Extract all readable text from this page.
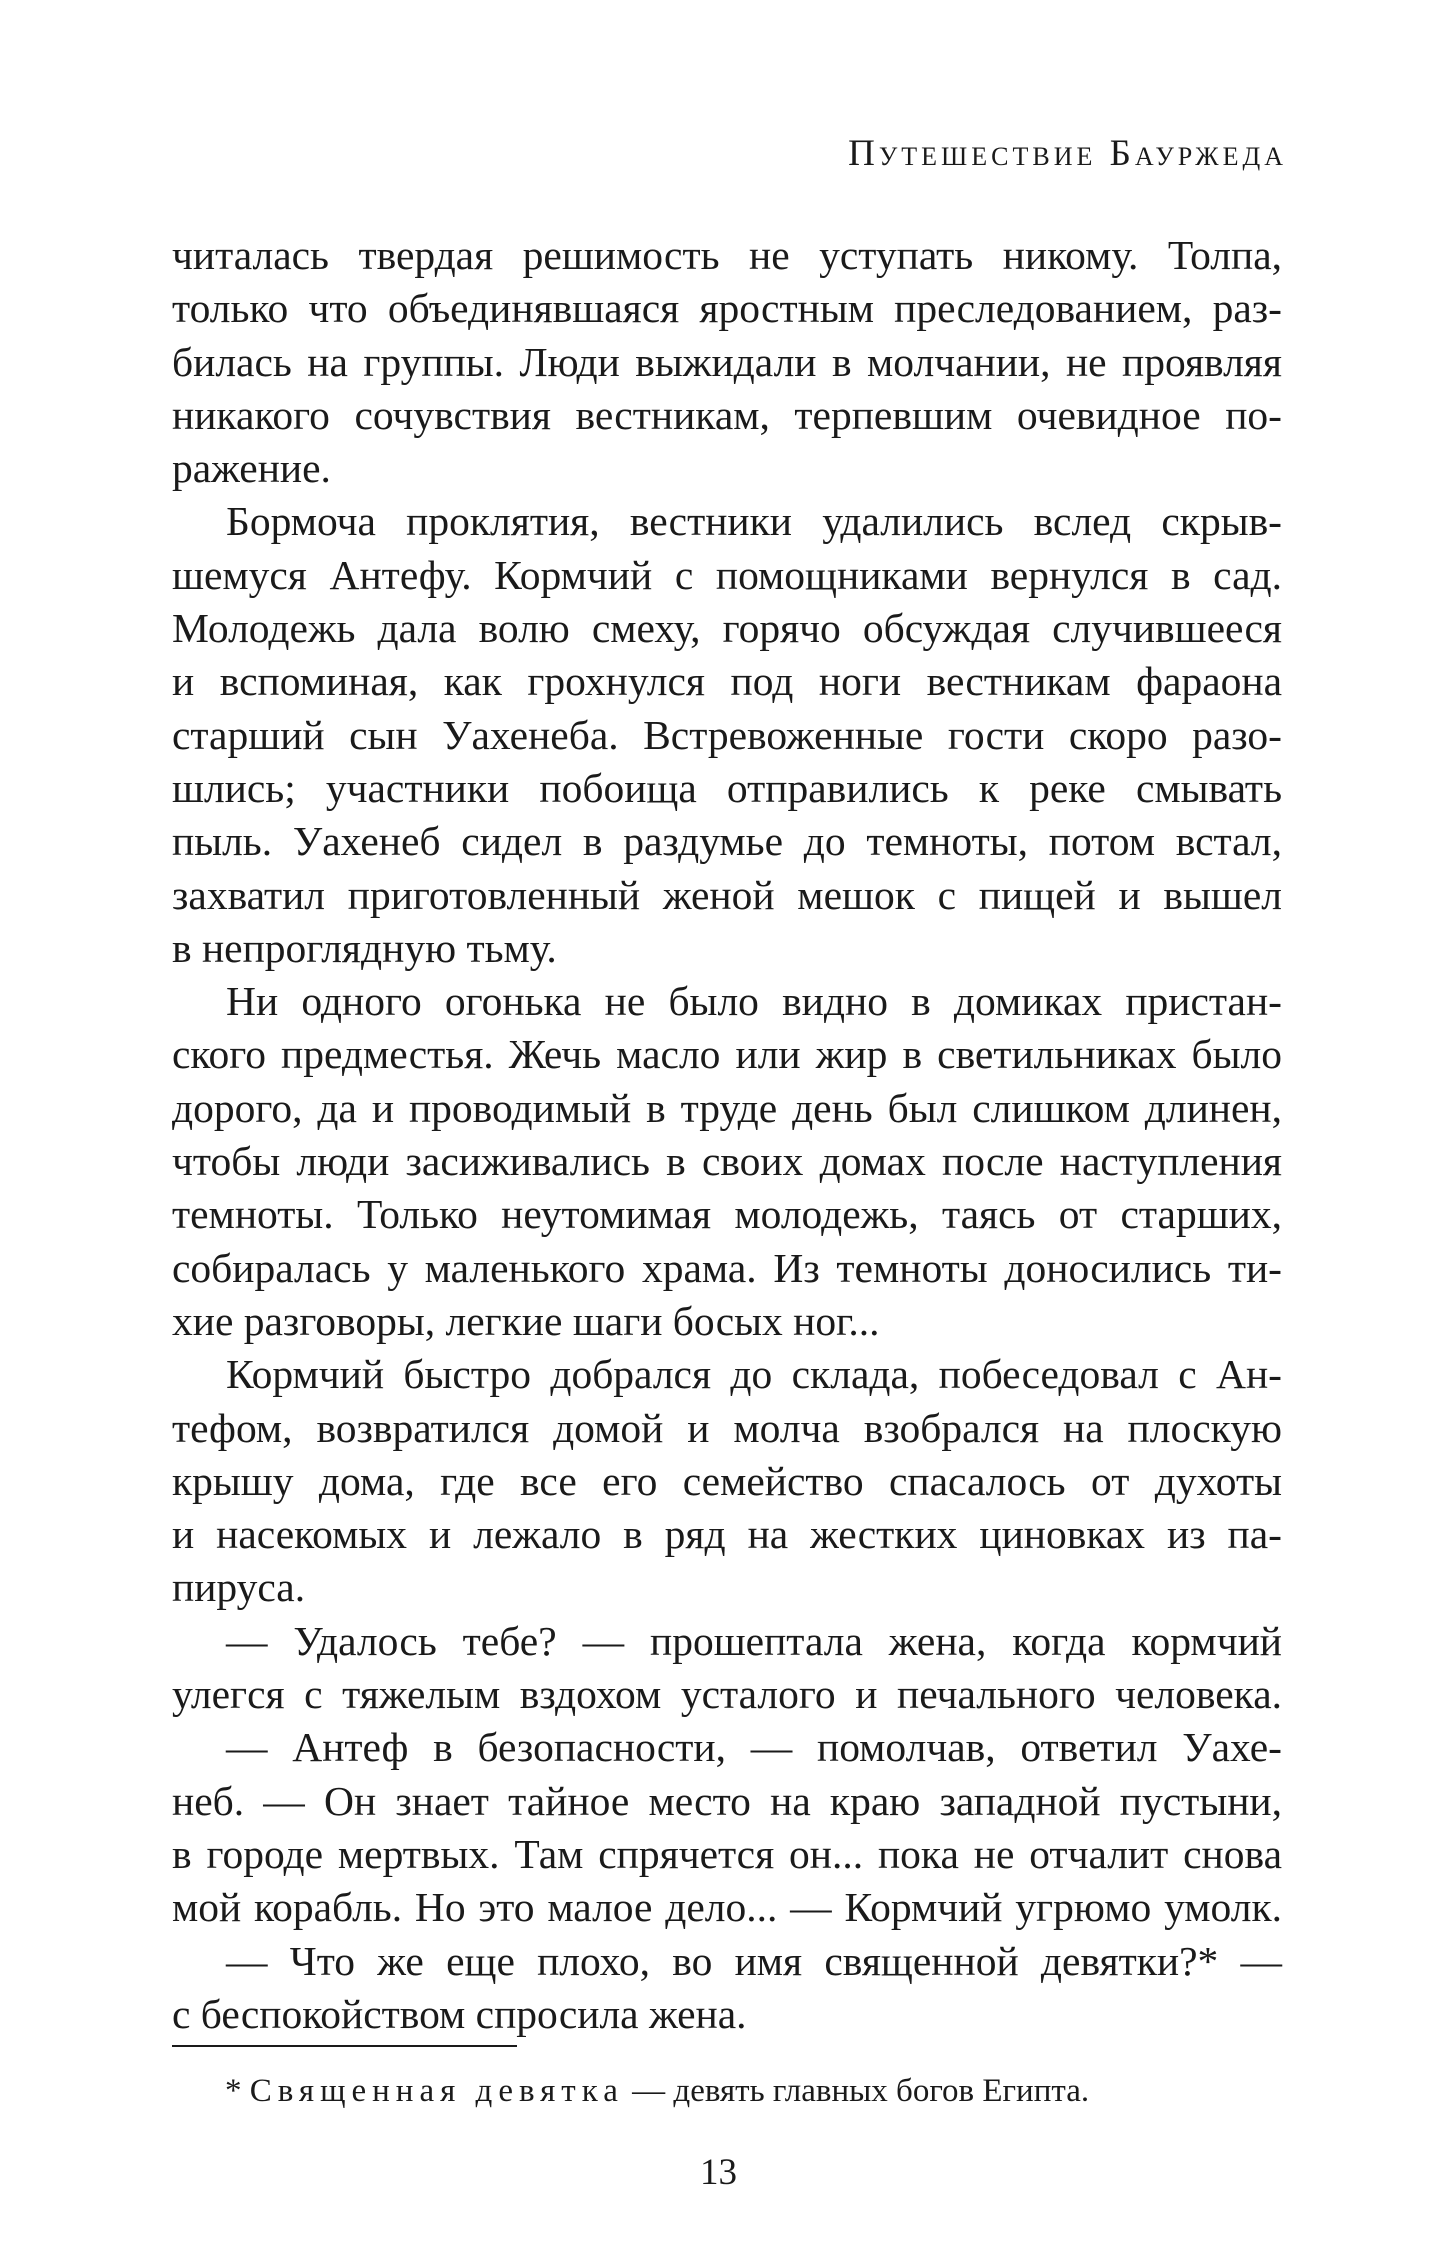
Путешествие Бауржеда
читалась твердая решимость не уступать никому. Толпа,
только что объединявшаяся яростным преследованием, раз-
билась на группы. Люди выжидали в молчании, не проявляя
никакого сочувствия вестникам, терпевшим очевидное по-
ражение.
Бормоча проклятия, вестники удалились вслед скрыв-
шемуся Антефу. Кормчий с помощниками вернулся в сад.
Молодежь дала волю смеху, горячо обсуждая случившееся
и вспоминая, как грохнулся под ноги вестникам фараона
старший сын Уахенеба. Встревоженные гости скоро разо-
шлись; участники побоища отправились к реке смывать
пыль. Уахенеб сидел в раздумье до темноты, потом встал,
захватил приготовленный женой мешок с пищей и вышел
в непроглядную тьму.
Ни одного огонька не было видно в домиках пристан-
ского предместья. Жечь масло или жир в светильниках было
дорого, да и проводимый в труде день был слишком длинен,
чтобы люди засиживались в своих домах после наступления
темноты. Только неутомимая молодежь, таясь от старших,
собиралась у маленького храма. Из темноты доносились ти-
хие разговоры, легкие шаги босых ног...
Кормчий быстро добрался до склада, побеседовал с Ан-
тефом, возвратился домой и молча взобрался на плоскую
крышу дома, где все его семейство спасалось от духоты
и насекомых и лежало в ряд на жестких циновках из па-
пируса.
— Удалось тебе? — прошептала жена, когда кормчий
улегся с тяжелым вздохом усталого и печального человека.
— Антеф в безопасности, — помолчав, ответил Уахе-
неб. — Он знает тайное место на краю западной пустыни,
в городе мертвых. Там спрячется он... пока не отчалит снова
мой корабль. Но это малое дело... — Кормчий угрюмо умолк.
— Что же еще плохо, во имя священной девятки?* —
с беспокойством спросила жена.
* Священная девятка — девять главных богов Египта.
13
